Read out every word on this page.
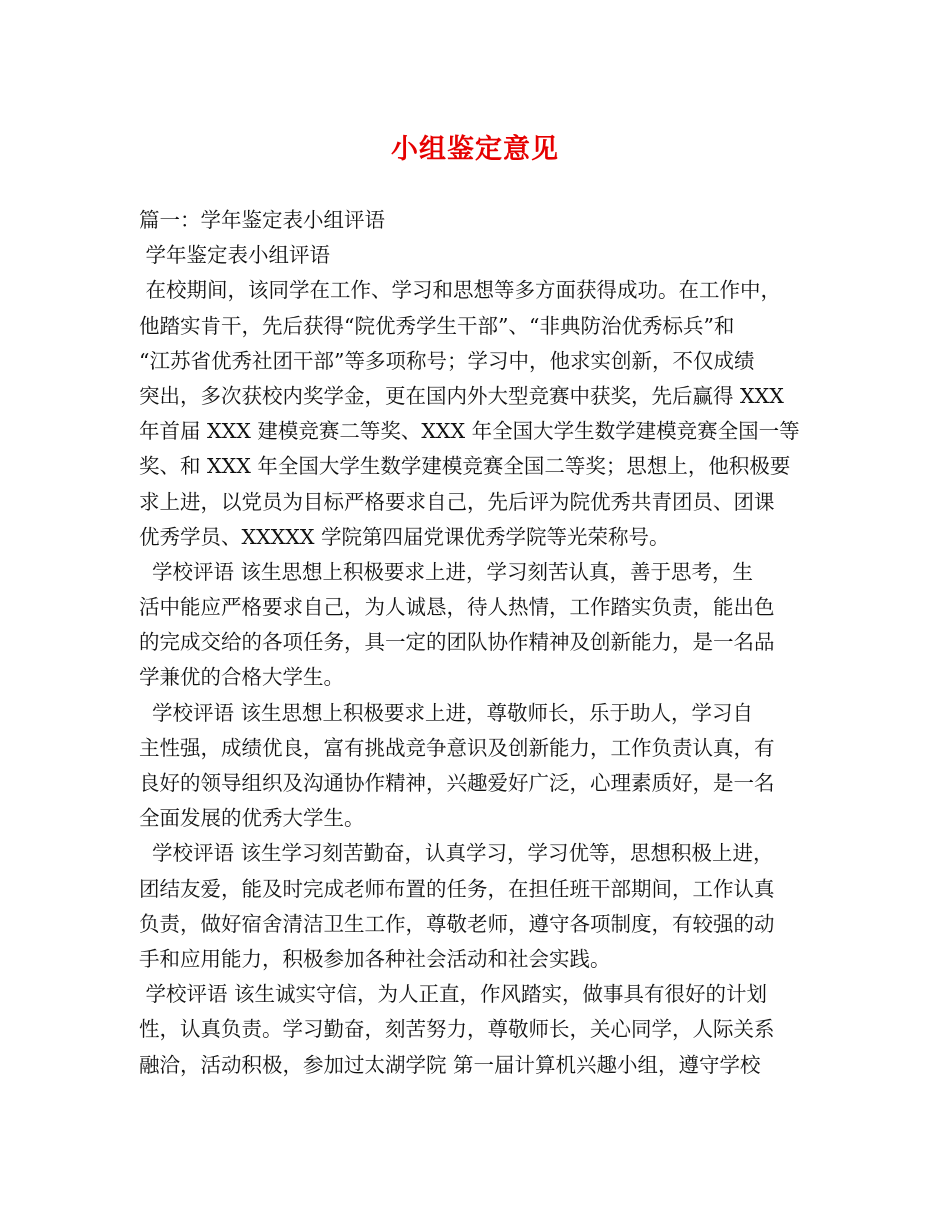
小组鉴定意见
篇一：学年鉴定表小组评语
学年鉴定表小组评语
在校期间，该同学在工作、学习和思想等多方面获得成功。在工作中，
他踏实肯干，先后获得“院优秀学生干部”、“非典防治优秀标兵”和
“江苏省优秀社团干部”等多项称号；学习中，他求实创新，不仅成绩
突出，多次获校内奖学金，更在国内外大型竞赛中获奖，先后赢得 XXX
年首届 XXX 建模竞赛二等奖、XXX 年全国大学生数学建模竞赛全国一等
奖、和 XXX 年全国大学生数学建模竞赛全国二等奖；思想上，他积极要
求上进，以党员为目标严格要求自己，先后评为院优秀共青团员、团课
优秀学员、XXXXX 学院第四届党课优秀学院等光荣称号。
学校评语 该生思想上积极要求上进，学习刻苦认真，善于思考，生
活中能应严格要求自己，为人诚恳，待人热情，工作踏实负责，能出色
的完成交给的各项任务，具一定的团队协作精神及创新能力，是一名品
学兼优的合格大学生。
学校评语 该生思想上积极要求上进，尊敬师长，乐于助人，学习自
主性强，成绩优良，富有挑战竞争意识及创新能力，工作负责认真，有
良好的领导组织及沟通协作精神，兴趣爱好广泛，心理素质好，是一名
全面发展的优秀大学生。
学校评语 该生学习刻苦勤奋，认真学习，学习优等，思想积极上进，
团结友爱，能及时完成老师布置的任务，在担任班干部期间，工作认真
负责，做好宿舍清洁卫生工作，尊敬老师，遵守各项制度，有较强的动
手和应用能力，积极参加各种社会活动和社会实践。
学校评语 该生诚实守信，为人正直，作风踏实，做事具有很好的计划
性，认真负责。学习勤奋，刻苦努力，尊敬师长，关心同学，人际关系
融洽，活动积极，参加过太湖学院 第一届计算机兴趣小组，遵守学校
